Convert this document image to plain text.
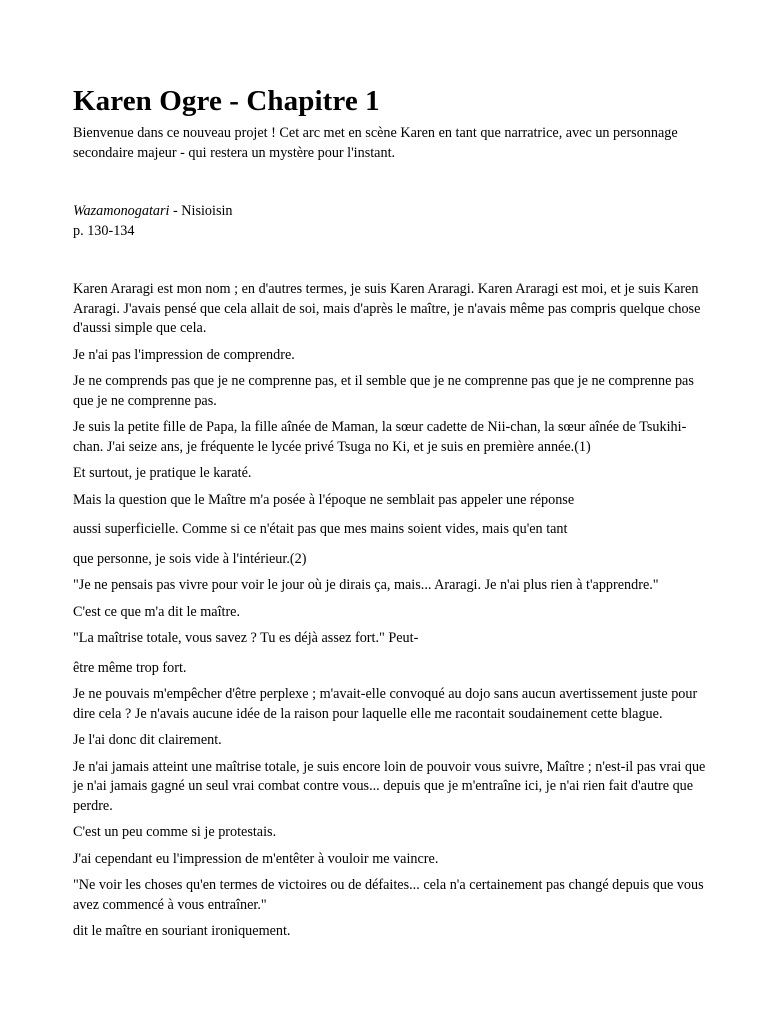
Karen Ogre - Chapitre 1

Bienvenue dans ce nouveau projet ! Cet arc met en scène Karen en tant que narratrice, avec un personnage secondaire majeur - qui restera un mystère pour l'instant.

Wazamonogatari - Nisioisin
p. 130-134

Karen Araragi est mon nom ; en d'autres termes, je suis Karen Araragi. Karen Araragi est moi, et je suis Karen Araragi. J'avais pensé que cela allait de soi, mais d'après le maître, je n'avais même pas compris quelque chose d'aussi simple que cela.

Je n'ai pas l'impression de comprendre.

Je ne comprends pas que je ne comprenne pas, et il semble que je ne comprenne pas que je ne comprenne pas que je ne comprenne pas.

Je suis la petite fille de Papa, la fille aînée de Maman, la sœur cadette de Nii-chan, la sœur aînée de Tsukihi-chan. J'ai seize ans, je fréquente le lycée privé Tsuga no Ki, et je suis en première année.(1)

Et surtout, je pratique le karaté.

Mais la question que le Maître m'a posée à l'époque ne semblait pas appeler une réponse

aussi superficielle. Comme si ce n'était pas que mes mains soient vides, mais qu'en tant

que personne, je sois vide à l'intérieur.(2)

"Je ne pensais pas vivre pour voir le jour où je dirais ça, mais... Araragi. Je n'ai plus rien à t'apprendre."

C'est ce que m'a dit le maître.

"La maîtrise totale, vous savez ? Tu es déjà assez fort." Peut-

être même trop fort.

Je ne pouvais m'empêcher d'être perplexe ; m'avait-elle convoqué au dojo sans aucun avertissement juste pour dire cela ? Je n'avais aucune idée de la raison pour laquelle elle me racontait soudainement cette blague.

Je l'ai donc dit clairement.

Je n'ai jamais atteint une maîtrise totale, je suis encore loin de pouvoir vous suivre, Maître ; n'est-il pas vrai que je n'ai jamais gagné un seul vrai combat contre vous... depuis que je m'entraîne ici, je n'ai rien fait d'autre que perdre.

C'est un peu comme si je protestais.

J'ai cependant eu l'impression de m'entêter à vouloir me vaincre.

"Ne voir les choses qu'en termes de victoires ou de défaites... cela n'a certainement pas changé depuis que vous avez commencé à vous entraîner."

dit le maître en souriant ironiquement.
